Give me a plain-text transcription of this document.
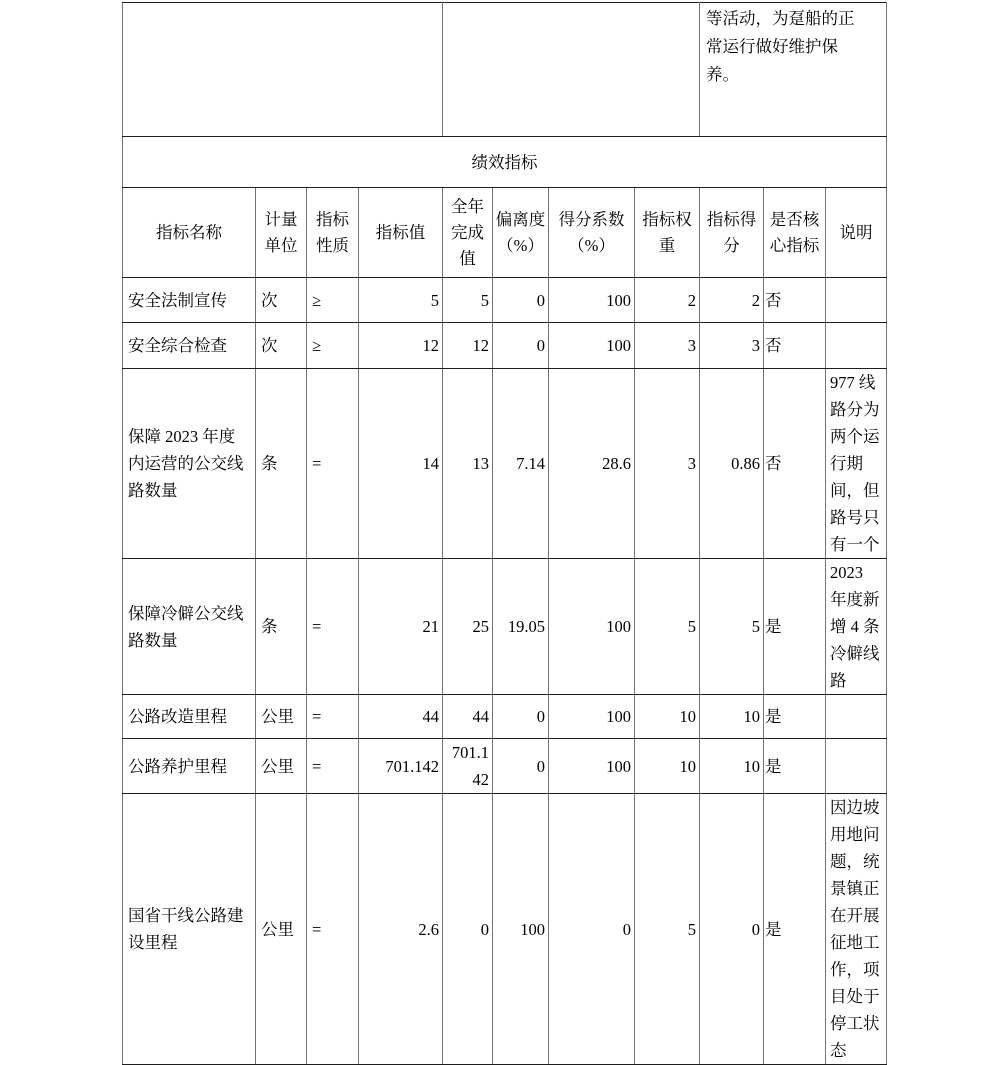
								等活动，为趸船的正
常运行做好维护保
养。		
绩效指标										
指标名称	计量
单位	指标
性质	指标值	全年
完成
值	偏离度
（%）	得分系数
（%）	指标权
重	指标得
分	是否核
心指标	说明
安全法制宣传	次	≥	5	5	0	100	2	2	否	
安全综合检查	次	≥	12	12	0	100	3	3	否	
保障 2023 年度
内运营的公交线
路数量	条	=	14	13	7.14	28.6	3	0.86	否	977 线
路分为
两个运
行期
间，但
路号只
有一个
保障冷僻公交线
路数量	条	=	21	25	19.05	100	5	5	是	2023
年度新
增 4 条
冷僻线
路
公路改造里程	公里	=	44	44	0	100	10	10	是	
公路养护里程	公里	=	701.142	701.1
42	0	100	10	10	是	
国省干线公路建
设里程	公里	=	2.6	0	100	0	5	0	是	因边坡
用地问
题，统
景镇正
在开展
征地工
作，项
目处于
停工状
态
